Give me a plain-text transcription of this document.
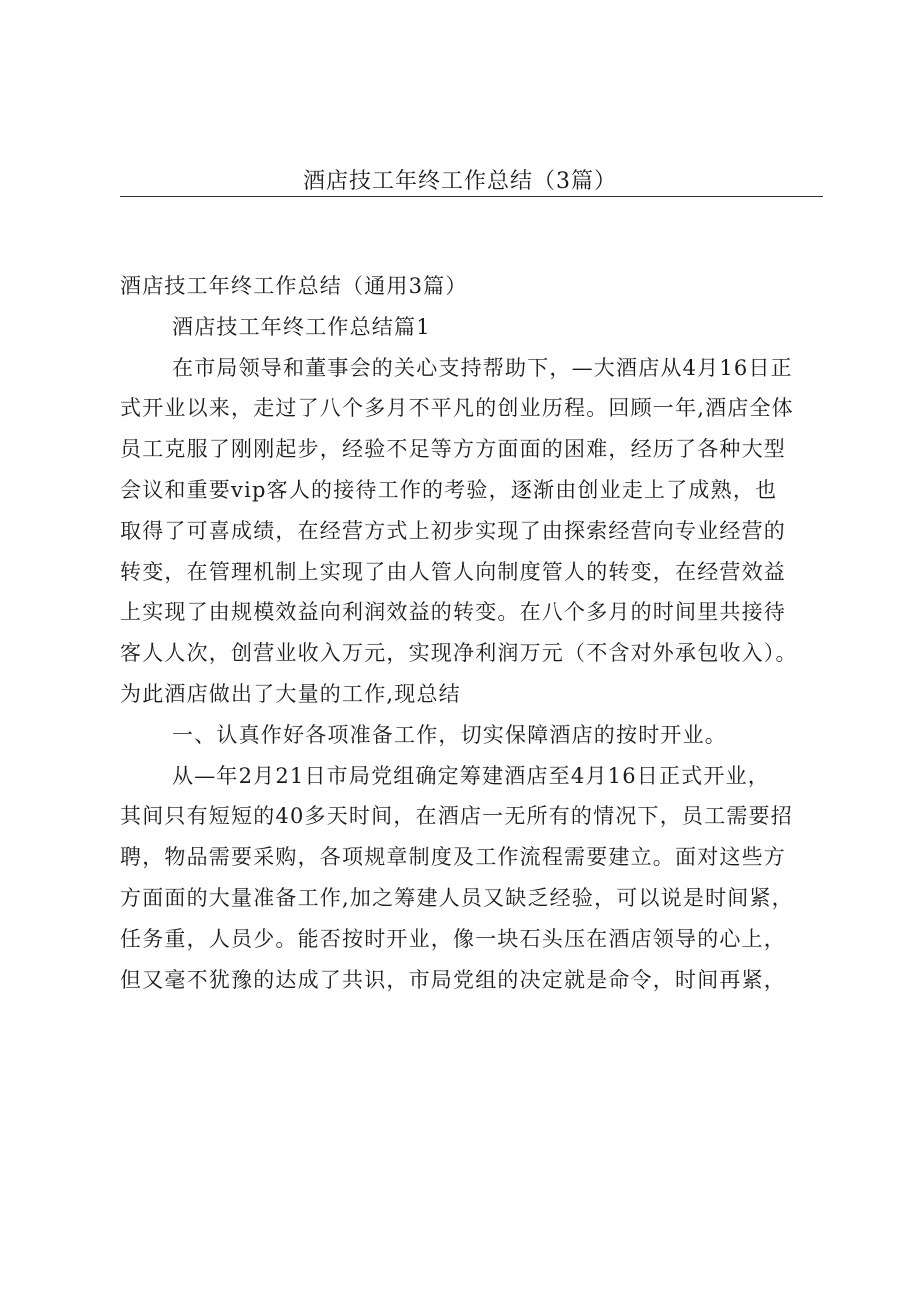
酒店技工年终工作总结（3篇）

酒店技工年终工作总结（通用3篇）

酒店技工年终工作总结篇1

在市局领导和董事会的关心支持帮助下，—大酒店从4月16日正

式开业以来，走过了八个多月不平凡的创业历程。回顾一年,酒店全体

员工克服了刚刚起步，经验不足等方方面面的困难，经历了各种大型

会议和重要vip客人的接待工作的考验，逐渐由创业走上了成熟，也

取得了可喜成绩，在经营方式上初步实现了由探索经营向专业经营的

转变，在管理机制上实现了由人管人向制度管人的转变，在经营效益

上实现了由规模效益向利润效益的转变。在八个多月的时间里共接待

客人人次，创营业收入万元，实现净利润万元（不含对外承包收入）。

为此酒店做出了大量的工作,现总结

一、认真作好各项准备工作，切实保障酒店的按时开业。

从—年2月21日市局党组确定筹建酒店至4月16日正式开业，

其间只有短短的40多天时间，在酒店一无所有的情况下，员工需要招

聘，物品需要采购，各项规章制度及工作流程需要建立。面对这些方

方面面的大量准备工作,加之筹建人员又缺乏经验，可以说是时间紧，

任务重，人员少。能否按时开业，像一块石头压在酒店领导的心上，

但又毫不犹豫的达成了共识，市局党组的决定就是命令，时间再紧，
